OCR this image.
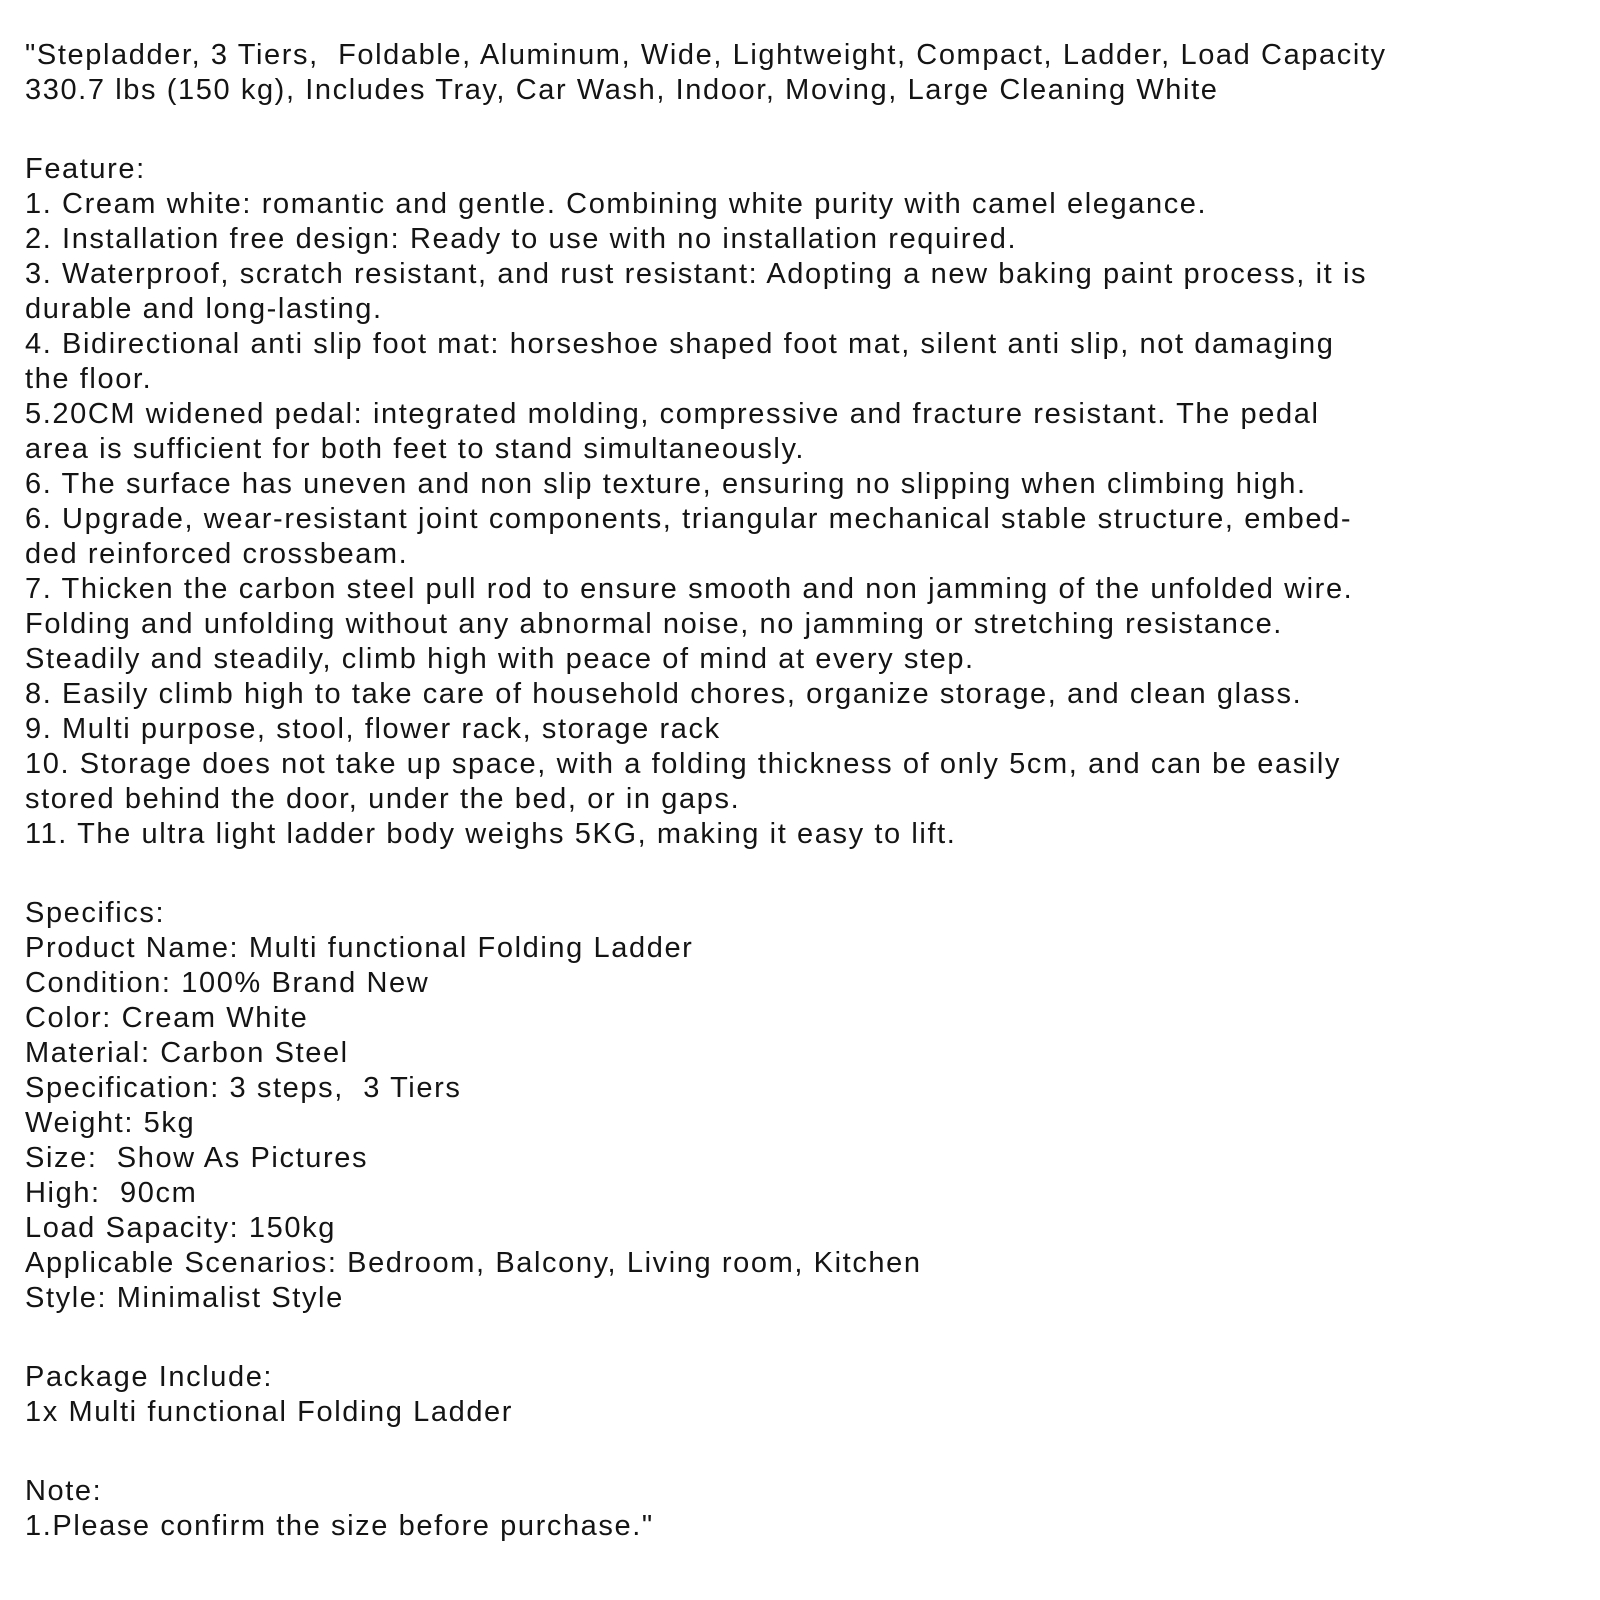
"Stepladder, 3 Tiers,  Foldable, Aluminum, Wide, Lightweight, Compact, Ladder, Load Capacity
330.7 lbs (150 kg), Includes Tray, Car Wash, Indoor, Moving, Large Cleaning White
Feature:
1. Cream white: romantic and gentle. Combining white purity with camel elegance.
2. Installation free design: Ready to use with no installation required.
3. Waterproof, scratch resistant, and rust resistant: Adopting a new baking paint process, it is
durable and long-lasting.
4. Bidirectional anti slip foot mat: horseshoe shaped foot mat, silent anti slip, not damaging
the floor.
5.20CM widened pedal: integrated molding, compressive and fracture resistant. The pedal
area is sufficient for both feet to stand simultaneously.
6. The surface has uneven and non slip texture, ensuring no slipping when climbing high.
6. Upgrade, wear-resistant joint components, triangular mechanical stable structure, embed-
ded reinforced crossbeam.
7. Thicken the carbon steel pull rod to ensure smooth and non jamming of the unfolded wire.
Folding and unfolding without any abnormal noise, no jamming or stretching resistance.
Steadily and steadily, climb high with peace of mind at every step.
8. Easily climb high to take care of household chores, organize storage, and clean glass.
9. Multi purpose, stool, flower rack, storage rack
10. Storage does not take up space, with a folding thickness of only 5cm, and can be easily
stored behind the door, under the bed, or in gaps.
11. The ultra light ladder body weighs 5KG, making it easy to lift.
Specifics:
Product Name: Multi functional Folding Ladder
Condition: 100% Brand New
Color: Cream White
Material: Carbon Steel
Specification: 3 steps,  3 Tiers
Weight: 5kg
Size:  Show As Pictures
High:  90cm
Load Sapacity: 150kg
Applicable Scenarios: Bedroom, Balcony, Living room, Kitchen
Style: Minimalist Style
Package Include:
1x Multi functional Folding Ladder
Note:
1.Please confirm the size before purchase."
